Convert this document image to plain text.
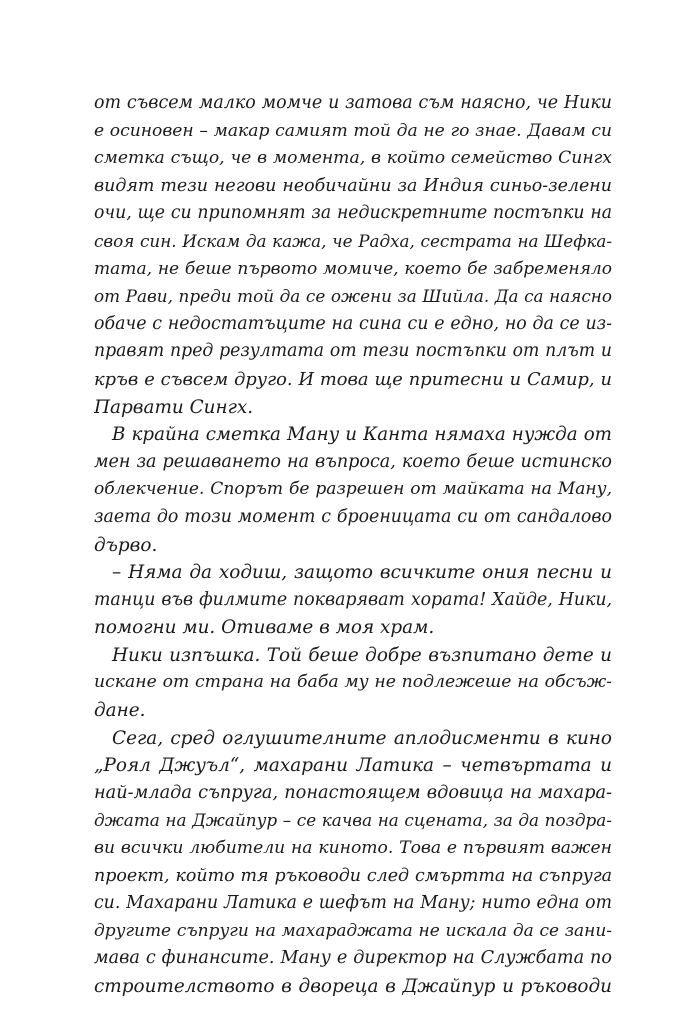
от съвсем малко момче и затова съм наясно, че Ники
е осиновен – макар самият той да не го знае. Давам си
сметка също, че в момента, в който семейство Сингх
видят тези негови необичайни за Индия синьо-зелени
очи, ще си припомнят за недискретните постъпки на
своя син. Искам да кажа, че Радха, сестрата на Шефка-
тата, не беше първото момиче, което бе забременяло
от Рави, преди той да се ожени за Шийла. Да са наясно
обаче с недостатъците на сина си е едно, но да се из-
правят пред резултата от тези постъпки от плът и
кръв е съвсем друго. И това ще притесни и Самир, и
Парвати Сингх.
В крайна сметка Ману и Канта нямаха нужда от
мен за решаването на въпроса, което беше истинско
облекчение. Спорът бе разрешен от майката на Ману,
заета до този момент с броеницата си от сандалово
дърво.
– Няма да ходиш, защото всичките ония песни и
танци във филмите покваряват хората! Хайде, Ники,
помогни ми. Отиваме в моя храм.
Ники изпъшка. Той беше добре възпитано дете и
искане от страна на баба му не подлежеше на обсъж-
дане.
Сега, сред оглушителните аплодисменти в кино
„Роял Джуъл“, махарани Латика – четвъртата и
най-млада съпруга, понастоящем вдовица на махара-
джата на Джайпур – се качва на сцената, за да поздра-
ви всички любители на киното. Това е първият важен
проект, който тя ръководи след смъртта на съпруга
си. Махарани Латика е шефът на Ману; нито една от
другите съпруги на махараджата не искала да се зани-
мава с финансите. Ману е директор на Службата по
строителството в двореца в Джайпур и ръководи
